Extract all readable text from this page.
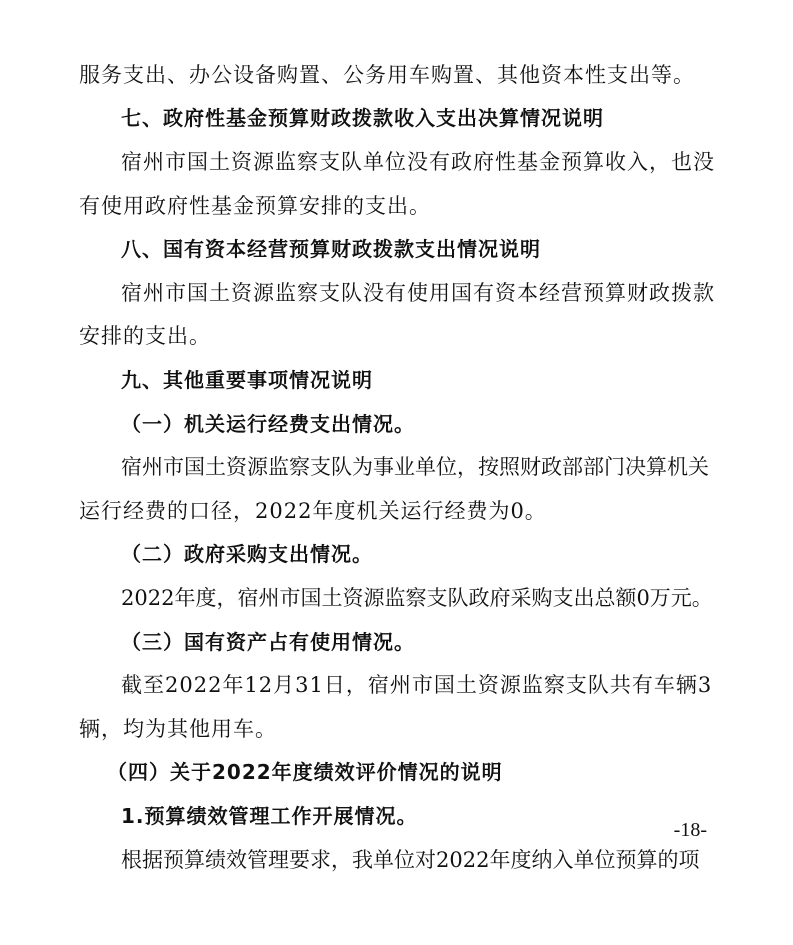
服务支出、办公设备购置、公务用车购置、其他资本性支出等。
七、政府性基金预算财政拨款收入支出决算情况说明
宿州市国土资源监察支队单位没有政府性基金预算收入，也没
有使用政府性基金预算安排的支出。
八、国有资本经营预算财政拨款支出情况说明
宿州市国土资源监察支队没有使用国有资本经营预算财政拨款
安排的支出。
九、其他重要事项情况说明
（一）机关运行经费支出情况。
宿州市国土资源监察支队为事业单位，按照财政部部门决算机关
运行经费的口径，2022年度机关运行经费为0。
（二）政府采购支出情况。
2022年度，宿州市国土资源监察支队政府采购支出总额0万元。
（三）国有资产占有使用情况。
截至2022年12月31日，宿州市国土资源监察支队共有车辆3
辆，均为其他用车。
（四）关于2022年度绩效评价情况的说明
1.预算绩效管理工作开展情况。
根据预算绩效管理要求，我单位对2022年度纳入单位预算的项
-18-
